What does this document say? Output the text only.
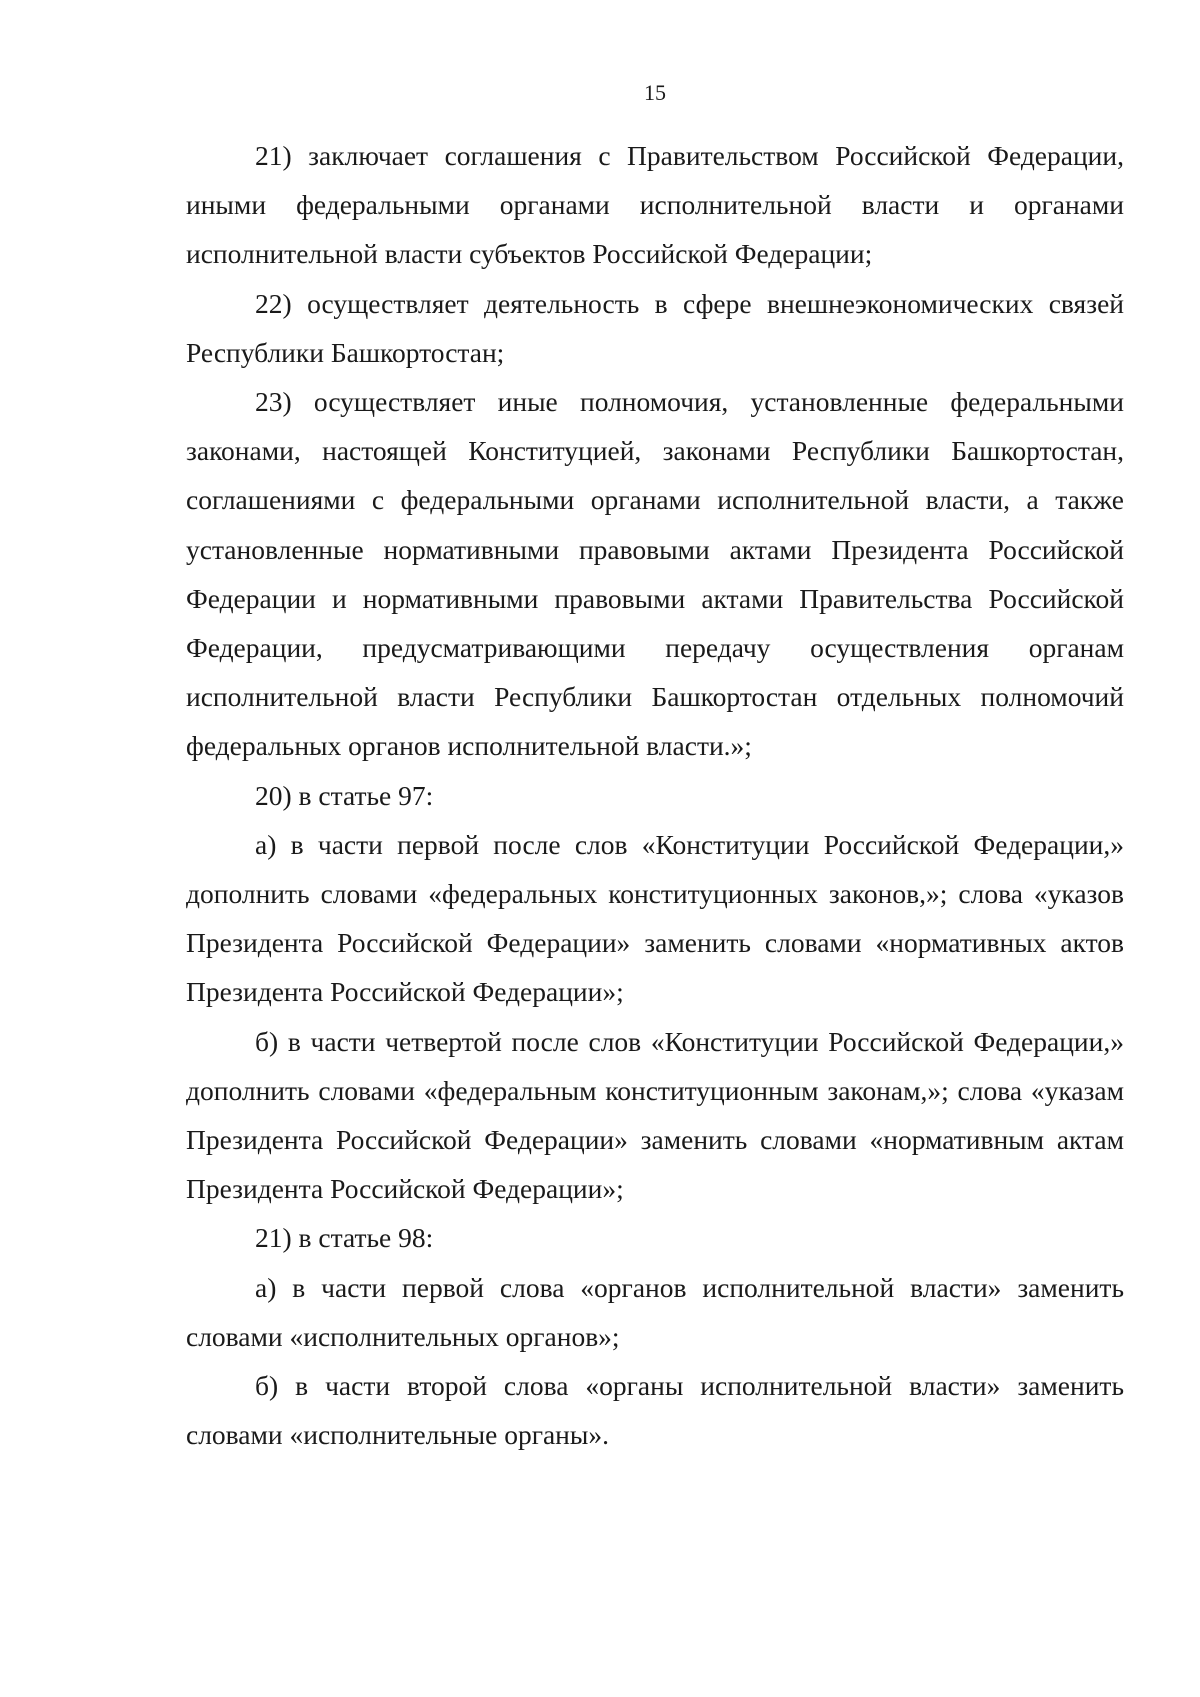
15

21) заключает соглашения с Правительством Российской Федерации, иными федеральными органами исполнительной власти и органами исполнительной власти субъектов Российской Федерации;

22) осуществляет деятельность в сфере внешнеэкономических связей Республики Башкортостан;

23) осуществляет иные полномочия, установленные федеральными законами, настоящей Конституцией, законами Республики Башкортостан, соглашениями с федеральными органами исполнительной власти, а также установленные нормативными правовыми актами Президента Российской Федерации и нормативными правовыми актами Правительства Российской Федерации, предусматривающими передачу осуществления органам исполнительной власти Республики Башкортостан отдельных полномочий федеральных органов исполнительной власти.»;

20) в статье 97:

а) в части первой после слов «Конституции Российской Федерации,» дополнить словами «федеральных конституционных законов,»; слова «указов Президента Российской Федерации» заменить словами «нормативных актов Президента Российской Федерации»;

б) в части четвертой после слов «Конституции Российской Федерации,» дополнить словами «федеральным конституционным законам,»; слова «указам Президента Российской Федерации» заменить словами «нормативным актам Президента Российской Федерации»;

21) в статье 98:

а) в части первой слова «органов исполнительной власти» заменить словами «исполнительных органов»;

б) в части второй слова «органы исполнительной власти» заменить словами «исполнительные органы».
